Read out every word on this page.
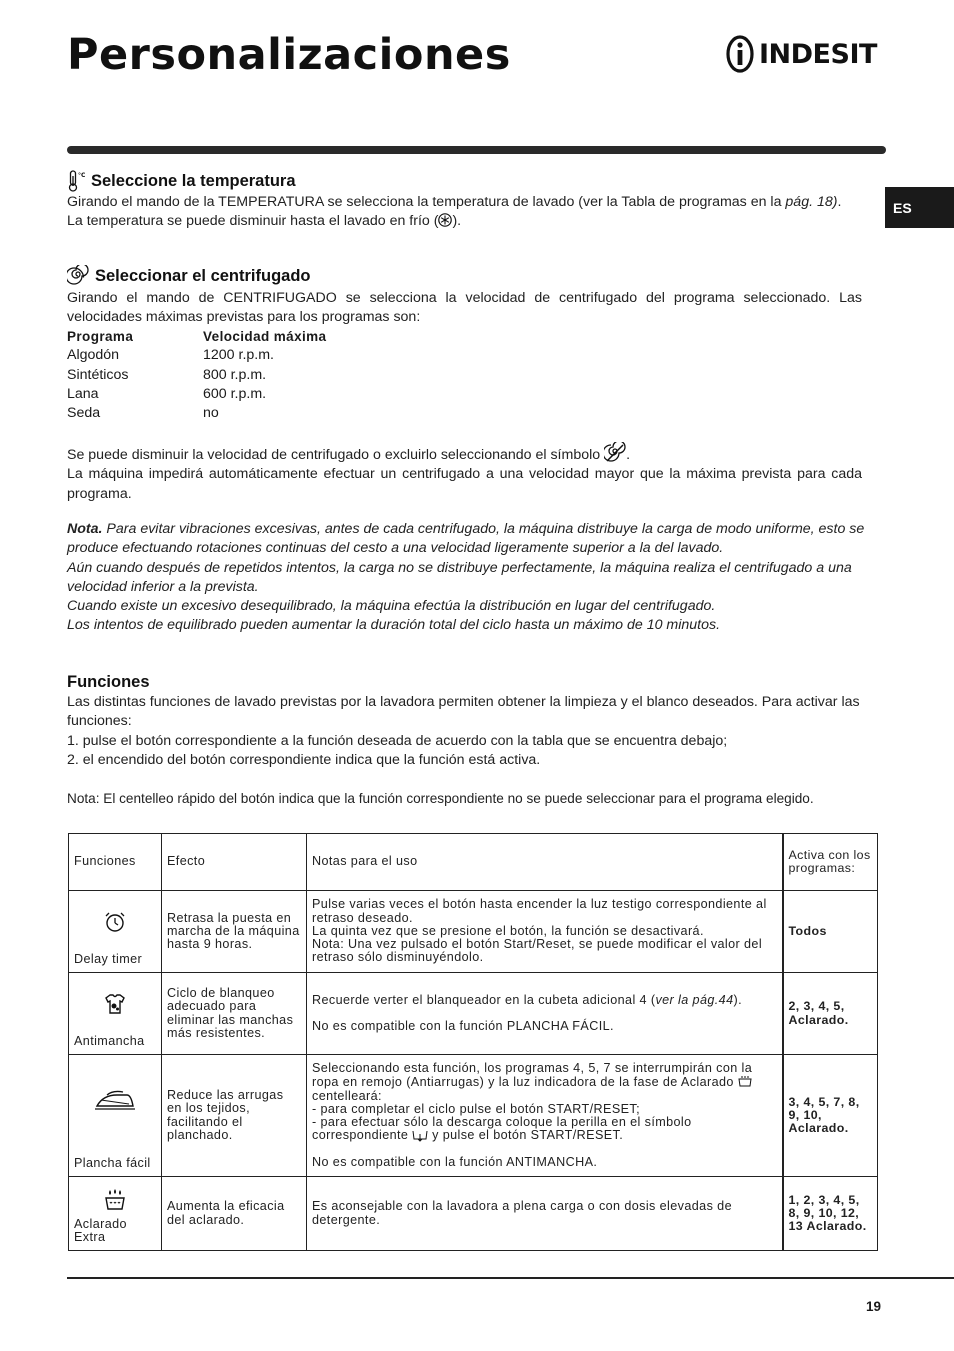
Personalizaciones	INDESIT
ES
°C Seleccione la temperatura
Girando el mando de la TEMPERATURA se selecciona la temperatura de lavado (ver la Tabla de programas en la pág. 18).
La temperatura se puede disminuir hasta el lavado en frío ( ).
Seleccionar el centrifugado
Girando el mando de CENTRIFUGADO se selecciona la velocidad de centrifugado del programa seleccionado. Las velocidades máximas previstas para los programas son:
Programa	Velocidad máxima
Algodón	1200 r.p.m.
Sintéticos	800 r.p.m.
Lana	600 r.p.m.
Seda	no

Se puede disminuir la velocidad de centrifugado o excluirlo seleccionando el símbolo .

La máquina impedirá automáticamente efectuar un centrifugado a una velocidad mayor que la máxima prevista para cada programa.

Nota. Para evitar vibraciones excesivas, antes de cada centrifugado, la máquina distribuye la carga de modo uniforme, esto se produce efectuando rotaciones continuas del cesto a una velocidad ligeramente superior a la del lavado.

Aún cuando después de repetidos intentos, la carga no se distribuye perfectamente, la máquina realiza el centrifugado a una velocidad inferior a la prevista.

Cuando existe un excesivo desequilibrado, la máquina efectúa la distribución en lugar del centrifugado.

Los intentos de equilibrado pueden aumentar la duración total del ciclo hasta un máximo de 10 minutos.

Funciones

Las distintas funciones de lavado previstas por la lavadora permiten obtener la limpieza y el blanco deseados. Para activar las funciones:

1. pulse el botón correspondiente a la función deseada de acuerdo con la tabla que se encuentra debajo;

2. el encendido del botón correspondiente indica que la función está activa.

Nota: El centelleo rápido del botón indica que la función correspondiente no se puede seleccionar para el programa elegido.
Funciones	Efecto	Notas para el uso	Activa con los programas:

Delay timer	Retrasa la puesta en marcha de la máquina hasta 9 horas.	Pulse varias veces el botón hasta encender la luz testigo correspondiente al retraso deseado.

La quinta vez que se presione el botón, la función se desactivará.

Nota: Una vez pulsado el botón Start/Reset, se puede modificar el valor del retraso sólo disminuyéndolo.	Todos

Antimancha	Ciclo de blanqueo adecuado para eliminar las manchas más resistentes.	Recuerde verter el blanqueador en la cubeta adicional 4 (ver la pág.44).

No es compatible con la función PLANCHA FÁCIL.	2, 3, 4, 5, Aclarado.

Plancha fácil	Reduce las arrugas en los tejidos, facilitando el planchado.	Seleccionando esta función, los programas 4, 5, 7 se interrumpirán con la ropa en remojo (Antiarrugas) y la luz indicadora de la fase de Aclarado  centelleará:

- para completar el ciclo pulse el botón START/RESET;

- para efectuar sólo la descarga coloque la perilla en el símbolo correspondiente  y pulse el botón START/RESET.

No es compatible con la función ANTIMANCHA.	3, 4, 5, 7, 8, 9, 10, Aclarado.

Aclarado Extra	Aumenta la eficacia del aclarado.	Es aconsejable con la lavadora a plena carga o con dosis elevadas de detergente.	1, 2, 3, 4, 5, 8, 9, 10, 12, 13 Aclarado.
19
